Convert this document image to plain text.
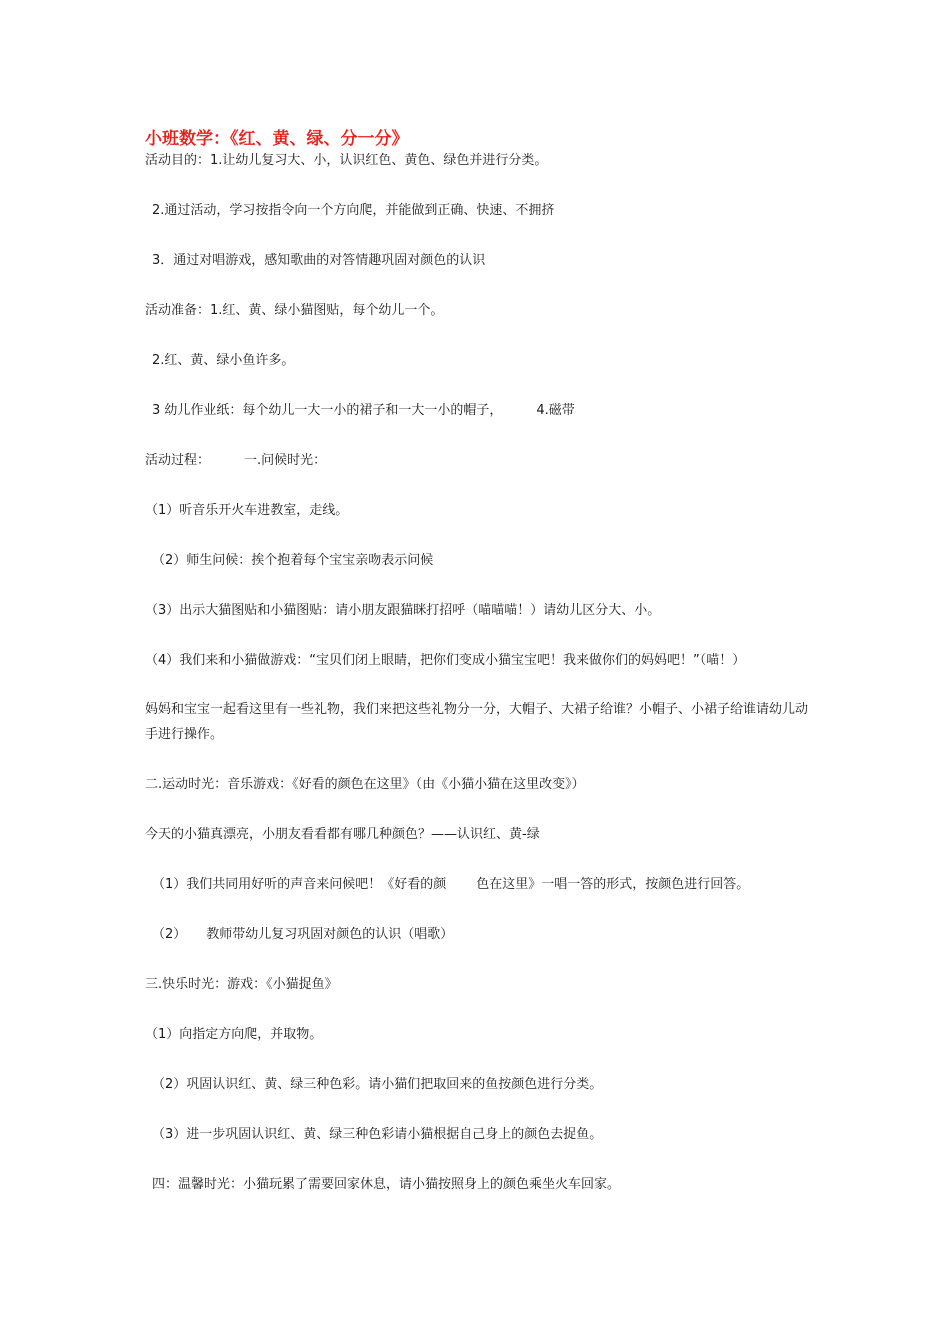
小班数学：《红、黄、绿、分一分》
活动目的：1.让幼儿复习大、小，认识红色、黄色、绿色并进行分类。
2.通过活动，学习按指令向一个方向爬，并能做到正确、快速、不拥挤
3．通过对唱游戏，感知歌曲的对答情趣巩固对颜色的认识
活动准备：1.红、黄、绿小猫图贴，每个幼儿一个。
2.红、黄、绿小鱼许多。
3 幼儿作业纸：每个幼儿一大一小的裙子和一大一小的帽子，	4.磁带
活动过程：	一.问候时光：
（1）听音乐开火车进教室，走线。
（2）师生问候：挨个抱着每个宝宝亲吻表示问候
（3）出示大猫图贴和小猫图贴：请小朋友跟猫眯打招呼（喵喵喵！）请幼儿区分大、小。
（4）我们来和小猫做游戏：“宝贝们闭上眼睛，把你们变成小猫宝宝吧！我来做你们的妈妈吧！”（喵！）
妈妈和宝宝一起看这里有一些礼物，我们来把这些礼物分一分，大帽子、大裙子给谁？小帽子、小裙子给谁请幼儿动手进行操作。
二.运动时光：音乐游戏：《好看的颜色在这里》（由《小猫小猫在这里改变》）
今天的小猫真漂亮，小朋友看看都有哪几种颜色？——认识红、黄-绿
（1）我们共同用好听的声音来问候吧！《好看的颜 色在这里》一唱一答的形式，按颜色进行回答。
（2） 教师带幼儿复习巩固对颜色的认识（唱歌）
三.快乐时光：游戏：《小猫捉鱼》
（1）向指定方向爬，并取物。
（2）巩固认识红、黄、绿三种色彩。请小猫们把取回来的鱼按颜色进行分类。
（3）进一步巩固认识红、黄、绿三种色彩请小猫根据自己身上的颜色去捉鱼。
四：温馨时光：小猫玩累了需要回家休息，请小猫按照身上的颜色乘坐火车回家。
